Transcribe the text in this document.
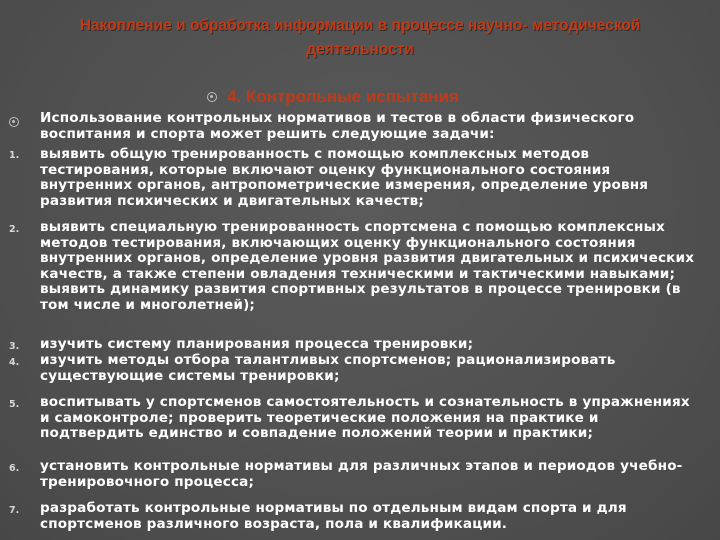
Накопление и обработка информации в процессе научно- методической деятельности
4. Контрольные испытания

Использование контрольных нормативов и тестов в области физического воспитания и спорта может решить следующие задачи:

1. выявить общую тренированность с помощью комплексных методов тестирования, которые включают оценку функционального состояния внутренних органов, антропометрические измерения, определение уровня развития психических и двигательных качеств;

2. выявить специальную тренированность спортсмена с помощью комплексных методов тестирования, включающих оценку функционального состояния внутренних органов, определение уровня развития двигательных и психических качеств, а также степени овладения техническими и тактическими навыками; выявить динамику развития спортивных результатов в процессе тренировки (в том числе и многолетней);

3. изучить систему планирования процесса тренировки;

4. изучить методы отбора талантливых спортсменов; рационализировать существующие системы тренировки;

5. воспитывать у спортсменов самостоятельность и сознательность в упражнениях и самоконтроле; проверить теоретические положения на практике и подтвердить единство и совпадение положений теории и практики;

6. установить контрольные нормативы для различных этапов и периодов учебно-тренировочного процесса;

7. разработать контрольные нормативы по отдельным видам спорта и для спортсменов различного возраста, пола и квалификации.
